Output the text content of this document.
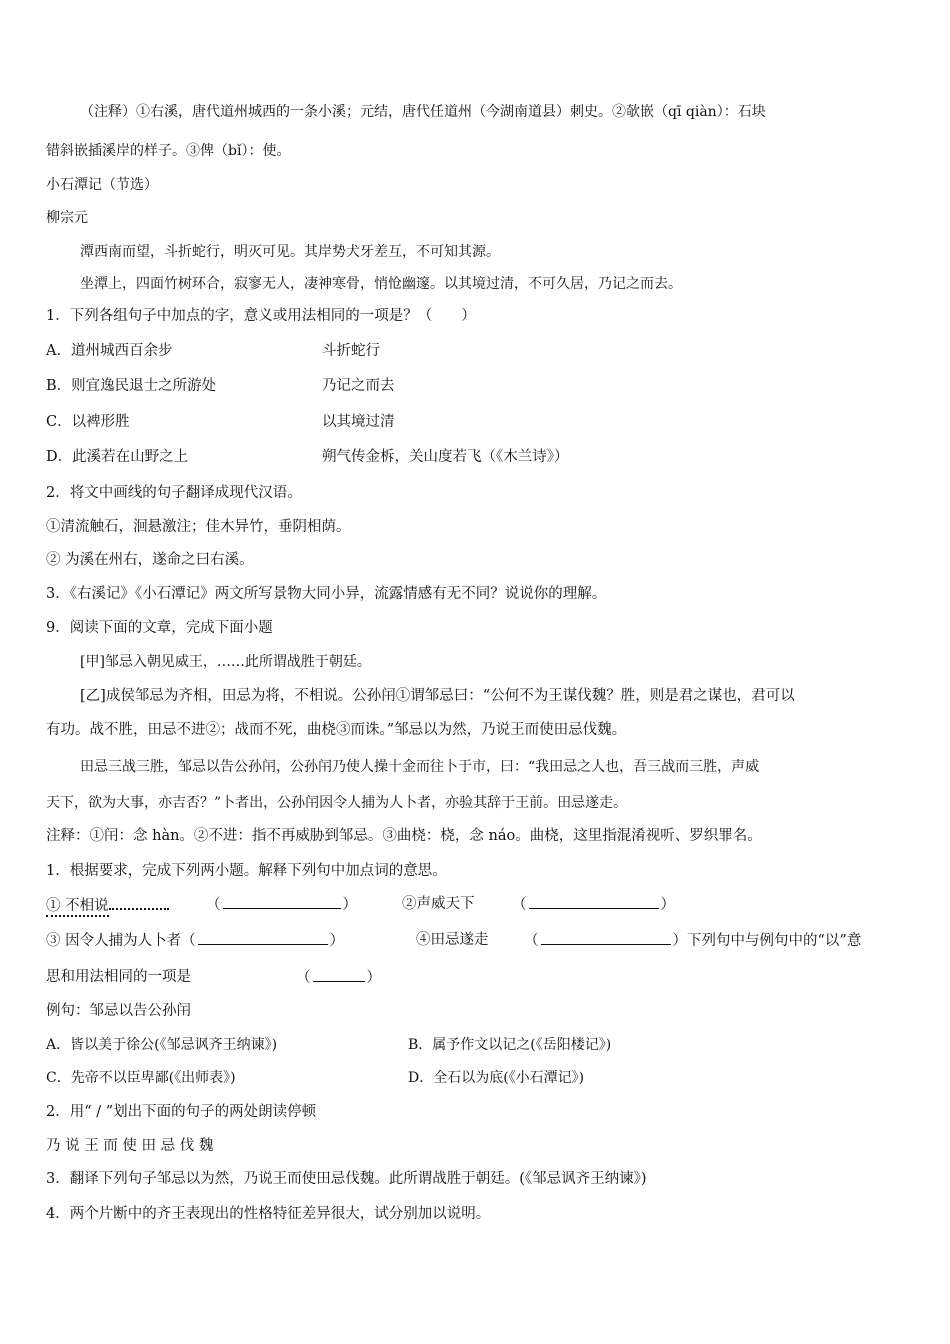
（注释）①右溪，唐代道州城西的一条小溪；元结，唐代任道州（今湖南道县）刺史。②欹嵌（qī qiàn）：石块
错斜嵌插溪岸的样子。③俾（bǐ）：使。
小石潭记（节选）
柳宗元
潭西南而望，斗折蛇行，明灭可见。其岸势犬牙差互，不可知其源。
坐潭上，四面竹树环合，寂寥无人，凄神寒骨，悄怆幽邃。以其境过清，不可久居，乃记之而去。
1．下列各组句子中加点的字，意义或用法相同的一项是？（　　）
A．道州城西百余步	斗折蛇行
B．则宜逸民退士之所游处	乃记之而去
C．以裨形胜	以其境过清
D．此溪若在山野之上	朔气传金柝，关山度若飞（《木兰诗》）
2．将文中画线的句子翻译成现代汉语。
①清流触石，洄悬激注；佳木异竹，垂阴相荫。
② 为溪在州右，遂命之曰右溪。
3．《右溪记》《小石潭记》两文所写景物大同小异，流露情感有无不同？说说你的理解。
9．阅读下面的文章，完成下面小题
[甲]邹忌入朝见威王，……此所谓战胜于朝廷。
[乙]成侯邹忌为齐相，田忌为将，不相说。公孙闬①谓邹忌曰：“公何不为王谋伐魏？胜，则是君之谋也，君可以
有功。战不胜，田忌不进②；战而不死，曲桡③而诛。”邹忌以为然，乃说王而使田忌伐魏。
田忌三战三胜，邹忌以告公孙闬，公孙闬乃使人操十金而往卜于市，曰：“我田忌之人也，吾三战而三胜，声威
天下，欲为大事，亦吉否？”卜者出，公孙闬因令人捕为人卜者，亦验其辞于王前。田忌遂走。
注释：①闬：念 hàn。②不进：指不再威胁到邹忌。③曲桡：桡，念 náo。曲桡，这里指混淆视听、罗织罪名。
1．根据要求，完成下列两小题。解释下列句中加点词的意思。
① 不相说	（	）	②声威天下	（	）
③ 因令人捕为人卜者（	）	④田忌遂走 （	）下列句中与例句中的“以”意
思和用法相同的一项是	（	）
例句：邹忌以告公孙闬
A．皆以美于徐公(《邹忌讽齐王纳谏》)	B．属予作文以记之(《岳阳楼记》)
C．先帝不以臣卑鄙(《出师表》)	D．全石以为底(《小石潭记》)
2．用“ / ”划出下面的句子的两处朗读停顿
乃 说 王 而 使 田 忌 伐 魏
3．翻译下列句子邹忌以为然，乃说王而使田忌伐魏。此所谓战胜于朝廷。(《邹忌讽齐王纳谏》)
4．两个片断中的齐王表现出的性格特征差异很大，试分别加以说明。
